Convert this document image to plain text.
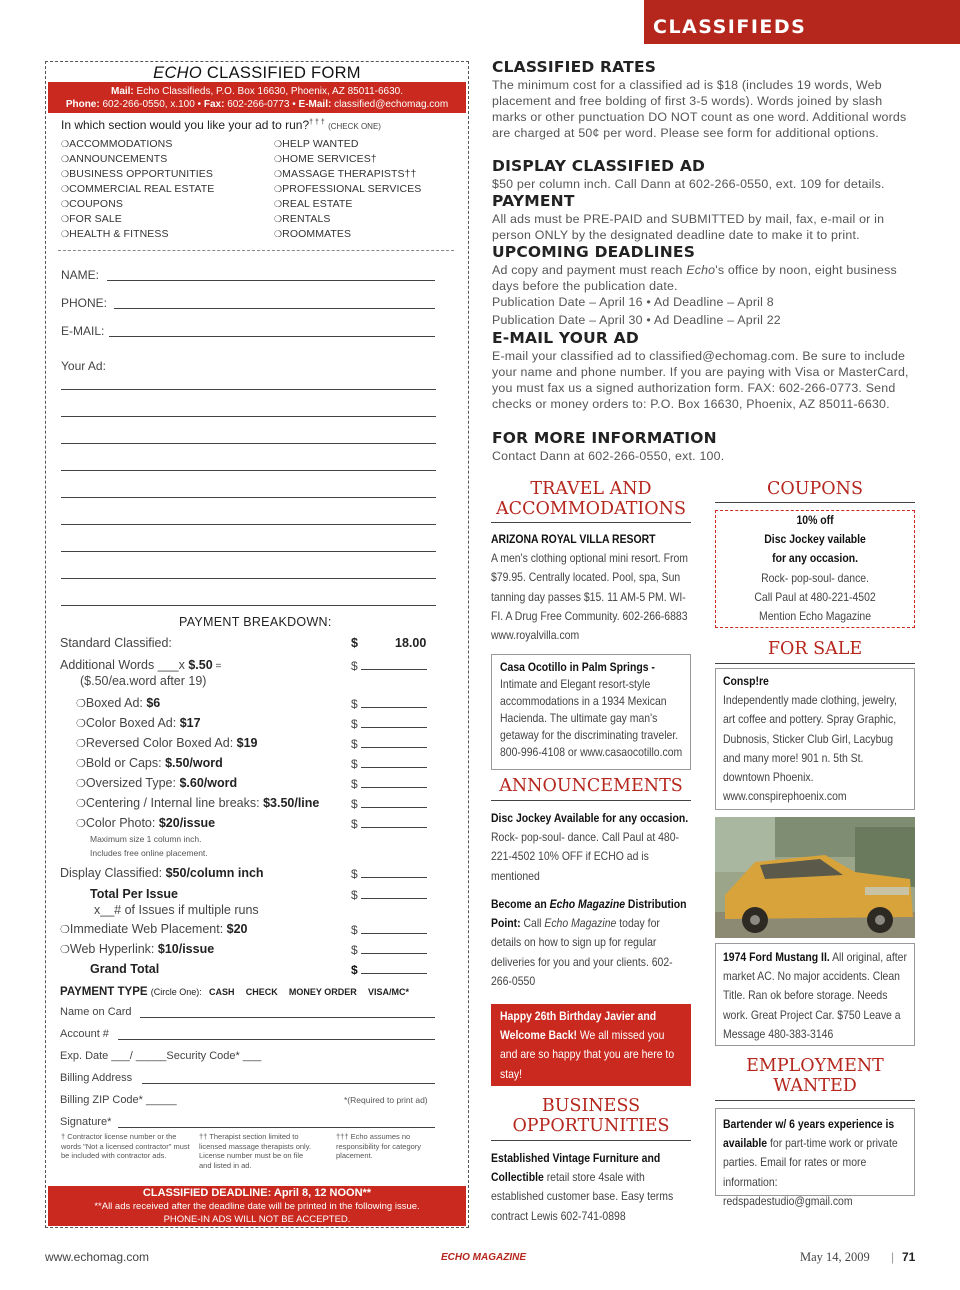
CLASSIFIEDS
ECHO CLASSIFIED FORM
Mail: Echo Classifieds, P.O. Box 16630, Phoenix, AZ 85011-6630.
Phone: 602-266-0550, x.100 • Fax: 602-266-0773 • E-Mail: classified@echomag.com
In which section would you like your ad to run?† † † (CHECK ONE)
❍ ACCOMMODATIONS
❍ ANNOUNCEMENTS
❍ BUSINESS OPPORTUNITIES
❍ COMMERCIAL REAL ESTATE
❍ COUPONS
❍ FOR SALE
❍ HEALTH & FITNESS
❍ HELP WANTED
❍ HOME SERVICES†
❍ MASSAGE THERAPISTS††
❍ PROFESSIONAL SERVICES
❍ REAL ESTATE
❍ RENTALS
❍ ROOMMATES
NAME:
PHONE:
E-MAIL:
Your Ad:
PAYMENT BREAKDOWN:
Standard Classified:	$	18.00
Additional Words ___x $.50 =	$
($.50/ea.word after 19)
❍ Boxed Ad: $6	$
❍ Color Boxed Ad: $17	$
❍ Reversed Color Boxed Ad: $19	$
❍ Bold or Caps: $.50/word	$
❍ Oversized Type: $.60/word	$
❍ Centering / Internal line breaks: $3.50/line	$
❍ Color Photo: $20/issue	$
Maximum size 1 column inch.
Includes free online placement.
Display Classified: $50/column inch	$
Total Per Issue	$
x__# of Issues if multiple runs
❍ Immediate Web Placement: $20	$
❍ Web Hyperlink: $10/issue	$
Grand Total	$
PAYMENT TYPE (Circle One): CASH CHECK MONEY ORDER VISA/MC*
Name on Card
Account #
Exp. Date ___/ _____Security Code* ___
Billing Address
Billing ZIP Code* _____	*(Required to print ad)
Signature*
† Contractor license number or the words "Not a licensed contractor" must be included with contractor ads.
†† Therapist section limited to licensed massage therapists only. License number must be on file and listed in ad.
††† Echo assumes no responsibility for category placement.
CLASSIFIED DEADLINE: April 8, 12 NOON**
**All ads received after the deadline date will be printed in the following issue.
PHONE-IN ADS WILL NOT BE ACCEPTED.
CLASSIFIED RATES
The minimum cost for a classified ad is $18 (includes 19 words, Web placement and free bolding of first 3-5 words). Words joined by slash marks or other punctuation DO NOT count as one word. Additional words are charged at 50¢ per word. Please see form for additional options.
DISPLAY CLASSIFIED AD
$50 per column inch. Call Dann at 602-266-0550, ext. 109 for details.
PAYMENT
All ads must be PRE-PAID and SUBMITTED by mail, fax, e-mail or in person ONLY by the designated deadline date to make it to print.
UPCOMING DEADLINES
Ad copy and payment must reach Echo's office by noon, eight business days before the publication date.
Publication Date – April 16 • Ad Deadline – April 8
Publication Date – April 30 • Ad Deadline – April 22
E-MAIL YOUR AD
E-mail your classified ad to classified@echomag.com. Be sure to include your name and phone number. If you are paying with Visa or MasterCard, you must fax us a signed authorization form. FAX: 602-266-0773. Send checks or money orders to: P.O. Box 16630, Phoenix, AZ 85011-6630.
FOR MORE INFORMATION
Contact Dann at 602-266-0550, ext. 100.
TRAVEL AND ACCOMMODATIONS
ARIZONA ROYAL VILLA RESORT
A men's clothing optional mini resort. From $79.95. Centrally located. Pool, spa, Sun tanning day passes $15. 11 AM-5 PM. WI-FI. A Drug Free Community. 602-266-6883 www.royalvilla.com
Casa Ocotillo in Palm Springs -
Intimate and Elegant resort-style accommodations in a 1934 Mexican Hacienda. The ultimate gay man's getaway for the discriminating traveler. 800-996-4108 or www.casaocotillo.com
ANNOUNCEMENTS
Disc Jockey Available for any occasion. Rock- pop-soul- dance. Call Paul at 480-221-4502 10% OFF if ECHO ad is mentioned
Become an Echo Magazine Distribution Point: Call Echo Magazine today for details on how to sign up for regular deliveries for you and your clients. 602-266-0550
Happy 26th Birthday Javier and Welcome Back! We all missed you and are so happy that you are here to stay!
BUSINESS OPPORTUNITIES
Established Vintage Furniture and Collectible retail store 4sale with established customer base. Easy terms contract Lewis 602-741-0898
COUPONS
10% off
Disc Jockey vailable
for any occasion.
Rock- pop-soul- dance.
Call Paul at 480-221-4502
Mention Echo Magazine
FOR SALE
Consp!re
Independently made clothing, jewelry, art coffee and pottery. Spray Graphic, Dubnosis, Sticker Club Girl, Lacybug and many more! 901 n. 5th St. downtown Phoenix. www.conspirephoenix.com
1974 Ford Mustang II. All original, after market AC. No major accidents. Clean Title. Ran ok before storage. Needs work. Great Project Car. $750 Leave a Message 480-383-3146
EMPLOYMENT WANTED
Bartender w/ 6 years experience is available for part-time work or private parties. Email for rates or more information: redspadestudio@gmail.com
www.echomag.com	ECHO MAGAZINE	May 14, 2009 | 71
